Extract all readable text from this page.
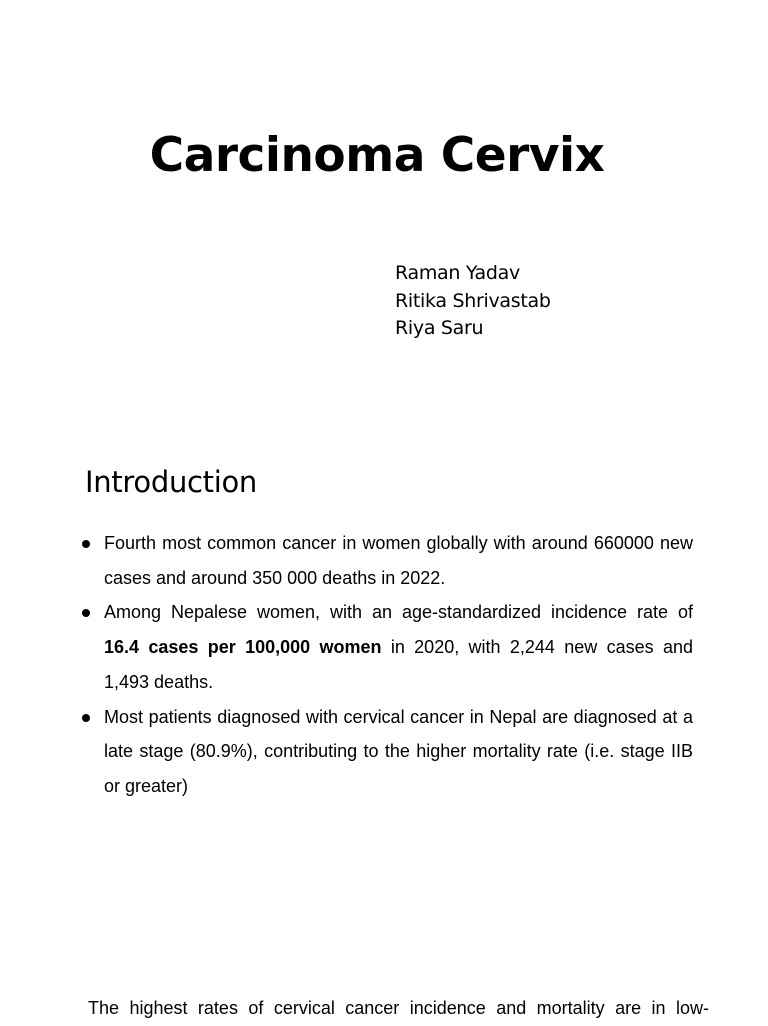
Carcinoma Cervix
Raman Yadav
Ritika Shrivastab
Riya Saru
Introduction
Fourth most common cancer in women globally with around 660000 new cases and around 350 000 deaths in 2022.
Among Nepalese women, with an age-standardized incidence rate of 16.4 cases per 100,000 women in 2020, with 2,244 new cases and 1,493 deaths.
Most patients diagnosed with cervical cancer in Nepal are diagnosed at a late stage (80.9%), contributing to the higher mortality rate (i.e. stage IIB or greater)
The highest rates of cervical cancer incidence and mortality are in low-
